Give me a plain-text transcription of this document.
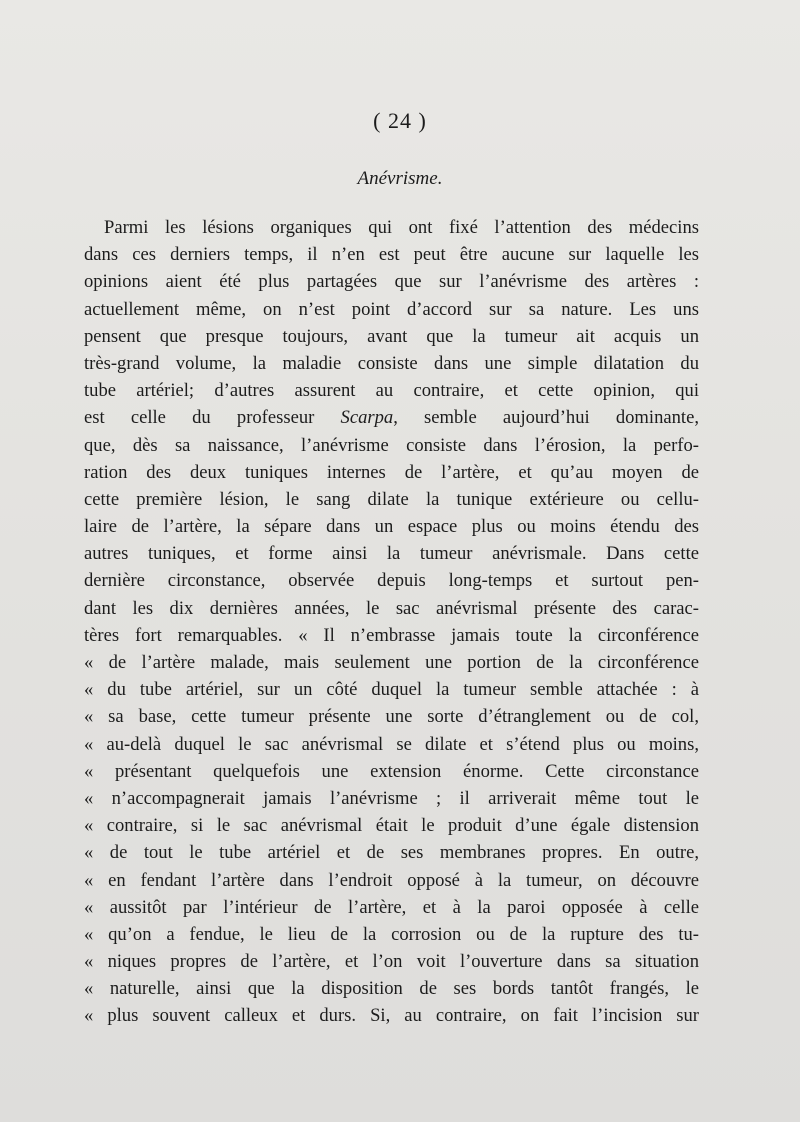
( 24 )
Anévrisme.
Parmi les lésions organiques qui ont fixé l’attention des médecins
dans ces derniers temps, il n’en est peut être aucune sur laquelle les
opinions aient été plus partagées que sur l’anévrisme des artères :
actuellement même, on n’est point d’accord sur sa nature. Les uns
pensent que presque toujours, avant que la tumeur ait acquis un
très-grand volume, la maladie consiste dans une simple dilatation du
tube artériel; d’autres assurent au contraire, et cette opinion, qui
est celle du professeur Scarpa, semble aujourd’hui dominante,
que, dès sa naissance, l’anévrisme consiste dans l’érosion, la perfo-
ration des deux tuniques internes de l’artère, et qu’au moyen de
cette première lésion, le sang dilate la tunique extérieure ou cellu-
laire de l’artère, la sépare dans un espace plus ou moins étendu des
autres tuniques, et forme ainsi la tumeur anévrismale. Dans cette
dernière circonstance, observée depuis long-temps et surtout pen-
dant les dix dernières années, le sac anévrismal présente des carac-
tères fort remarquables. « Il n’embrasse jamais toute la circonférence
« de l’artère malade, mais seulement une portion de la circonférence
« du tube artériel, sur un côté duquel la tumeur semble attachée : à
« sa base, cette tumeur présente une sorte d’étranglement ou de col,
« au-delà duquel le sac anévrismal se dilate et s’étend plus ou moins,
« présentant quelquefois une extension énorme. Cette circonstance
« n’accompagnerait jamais l’anévrisme ; il arriverait même tout le
« contraire, si le sac anévrismal était le produit d’une égale distension
« de tout le tube artériel et de ses membranes propres. En outre,
« en fendant l’artère dans l’endroit opposé à la tumeur, on découvre
« aussitôt par l’intérieur de l’artère, et à la paroi opposée à celle
« qu’on a fendue, le lieu de la corrosion ou de la rupture des tu-
« niques propres de l’artère, et l’on voit l’ouverture dans sa situation
« naturelle, ainsi que la disposition de ses bords tantôt frangés, le
« plus souvent calleux et durs. Si, au contraire, on fait l’incision sur
